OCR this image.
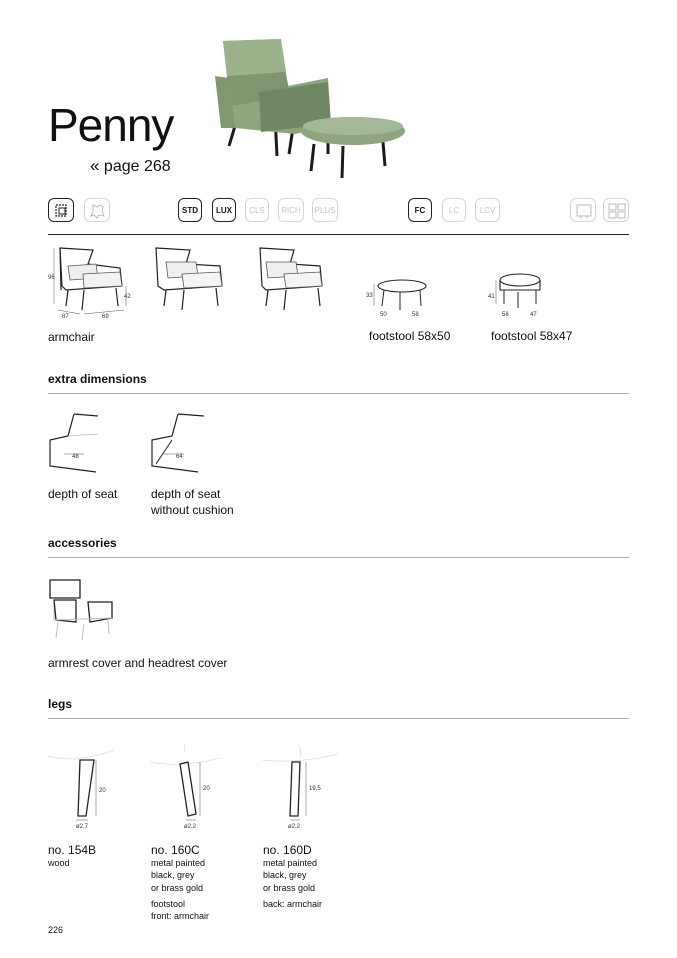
Penny
« page 268
STD	LUX	CLS	RICH	PLUS	FC	LC	LCV
96
42
87	69
33
50	58
41
58	47
armchair	footstool 58x50	footstool 58x47
extra dimensions
48	64
depth of seat	depth of seat
without cushion
accessories
armrest cover and headrest cover
legs
20
ø2,7
20
ø2,2
19,5
ø2,2
no. 154B
wood
no. 160C
metal painted
black, grey
or brass gold
footstool
front: armchair
no. 160D
metal painted
black, grey
or brass gold
back: armchair
226
